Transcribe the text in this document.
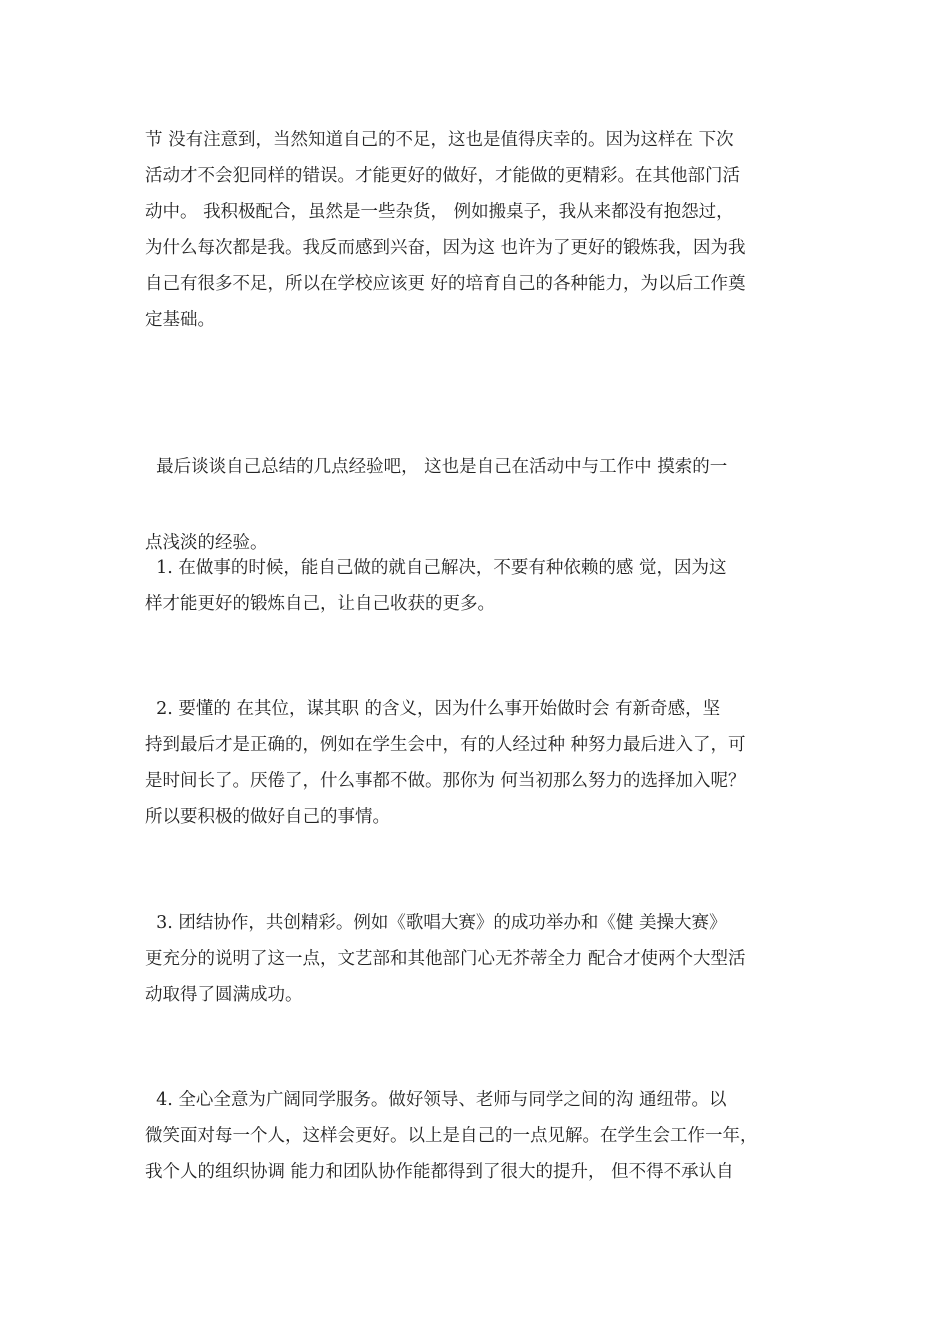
节 没有注意到，当然知道自己的不足，这也是值得庆幸的。因为这样在 下次
活动才不会犯同样的错误。才能更好的做好，才能做的更精彩。在其他部门活
动中。 我积极配合，虽然是一些杂货， 例如搬桌子，我从来都没有抱怨过，
为什么每次都是我。我反而感到兴奋，因为这 也许为了更好的锻炼我，因为我
自己有很多不足，所以在学校应该更 好的培育自己的各种能力，为以后工作奠
定基础。

最后谈谈自己总结的几点经验吧， 这也是自己在活动中与工作中 摸索的一

点浅淡的经验。

1. 在做事的时候，能自己做的就自己解决，不要有种依赖的感 觉，因为这
样才能更好的锻炼自己，让自己收获的更多。
2. 要懂的 在其位，谋其职 的含义，因为什么事开始做时会 有新奇感，坚
持到最后才是正确的，例如在学生会中，有的人经过种 种努力最后进入了，可
是时间长了。厌倦了，什么事都不做。那你为 何当初那么努力的选择加入呢？
所以要积极的做好自己的事情。
3. 团结协作，共创精彩。例如《歌唱大赛》的成功举办和《健 美操大赛》
更充分的说明了这一点，文艺部和其他部门心无芥蒂全力 配合才使两个大型活
动取得了圆满成功。
4. 全心全意为广阔同学服务。做好领导、老师与同学之间的沟 通纽带。以
微笑面对每一个人，这样会更好。以上是自己的一点见解。在学生会工作一年，
我个人的组织协调 能力和团队协作能都得到了很大的提升， 但不得不承认自
